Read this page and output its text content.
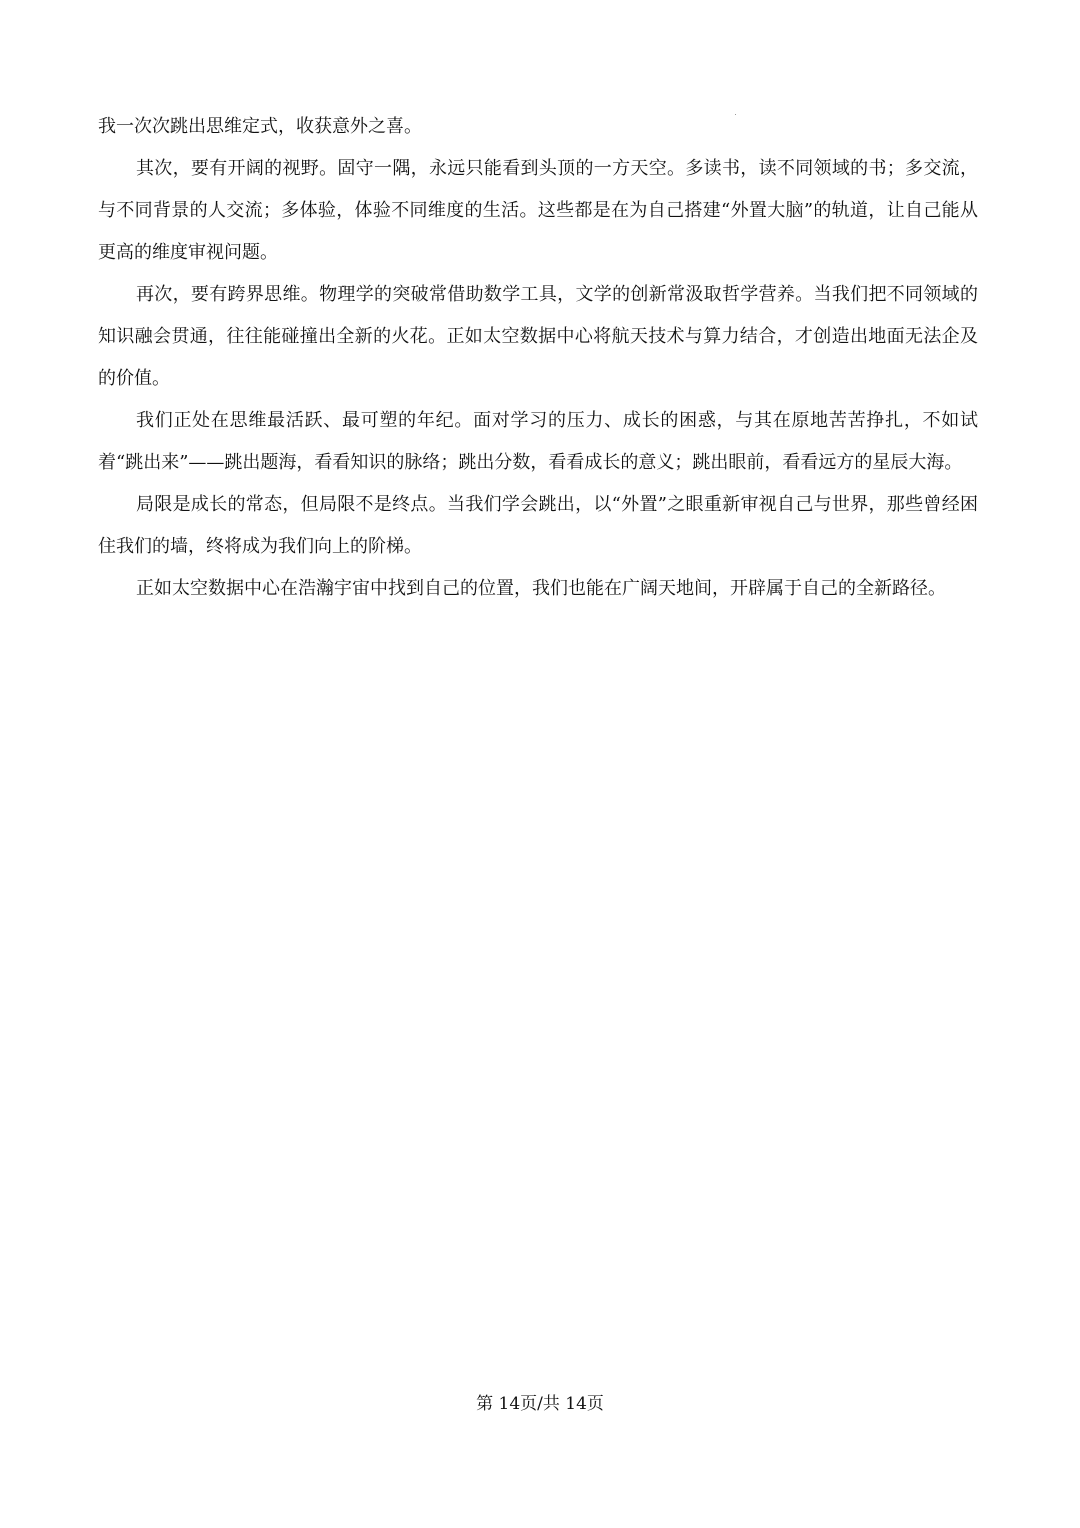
我一次次跳出思维定式，收获意外之喜。

其次，要有开阔的视野。固守一隅，永远只能看到头顶的一方天空。多读书，读不同领域的书；多交流，与不同背景的人交流；多体验，体验不同维度的生活。这些都是在为自己搭建“外置大脑”的轨道，让自己能从更高的维度审视问题。

再次，要有跨界思维。物理学的突破常借助数学工具，文学的创新常汲取哲学营养。当我们把不同领域的知识融会贯通，往往能碰撞出全新的火花。正如太空数据中心将航天技术与算力结合，才创造出地面无法企及的价值。

我们正处在思维最活跃、最可塑的年纪。面对学习的压力、成长的困惑，与其在原地苦苦挣扎，不如试着“跳出来”——跳出题海，看看知识的脉络；跳出分数，看看成长的意义；跳出眼前，看看远方的星辰大海。

局限是成长的常态，但局限不是终点。当我们学会跳出，以“外置”之眼重新审视自己与世界，那些曾经困住我们的墙，终将成为我们向上的阶梯。

正如太空数据中心在浩瀚宇宙中找到自己的位置，我们也能在广阔天地间，开辟属于自己的全新路径。

第 14页/共 14页
